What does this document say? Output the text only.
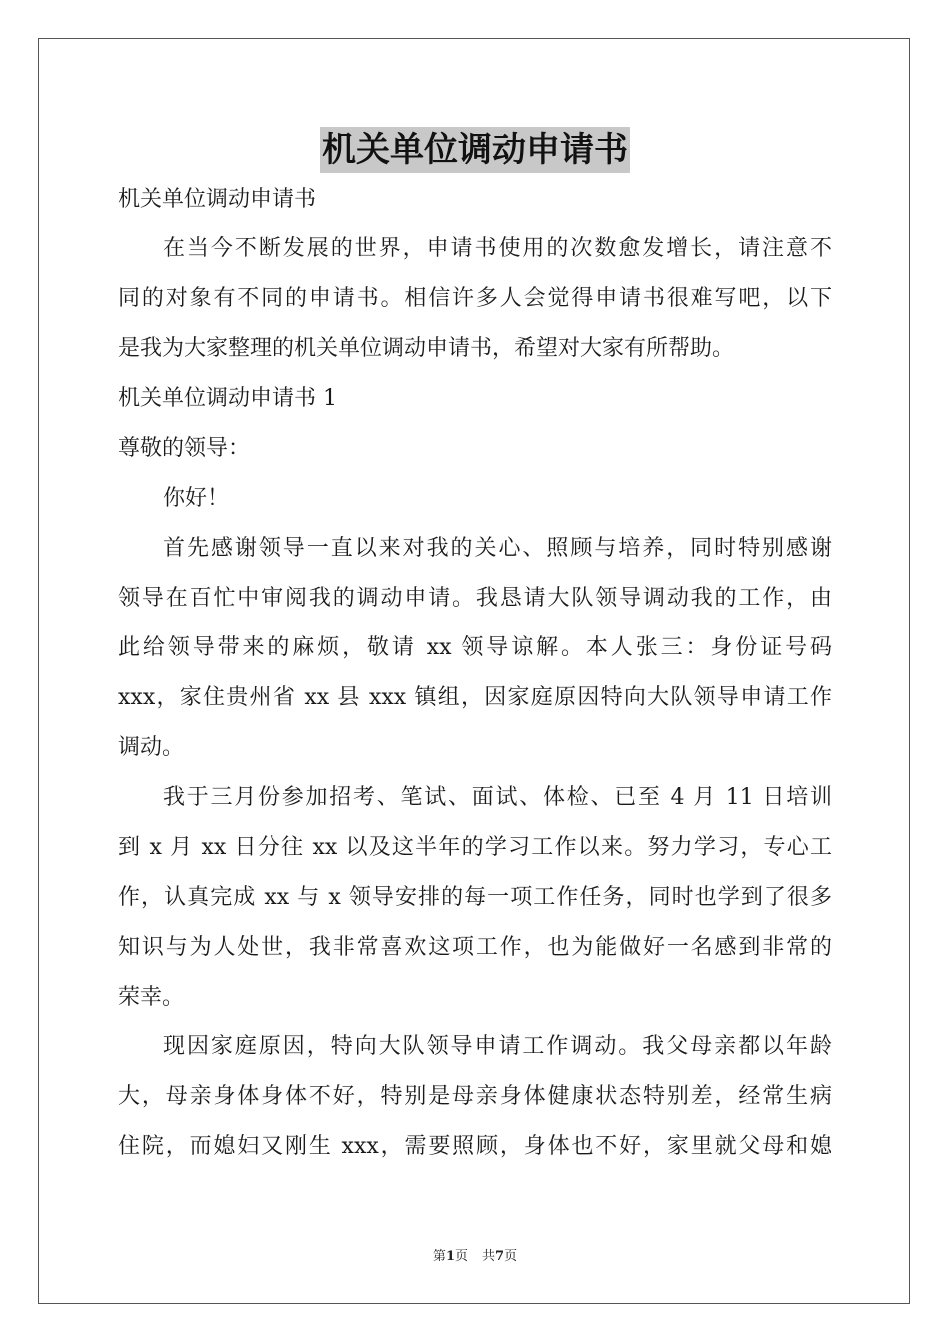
机关单位调动申请书
机关单位调动申请书
在当今不断发展的世界，申请书使用的次数愈发增长，请注意不
同的对象有不同的申请书。相信许多人会觉得申请书很难写吧，以下
是我为大家整理的机关单位调动申请书，希望对大家有所帮助。
机关单位调动申请书 1
尊敬的领导：
你好！
首先感谢领导一直以来对我的关心、照顾与培养，同时特别感谢
领导在百忙中审阅我的调动申请。我恳请大队领导调动我的工作，由
此给领导带来的麻烦，敬请 xx 领导谅解。本人张三：身份证号码
xxx，家住贵州省 xx 县 xxx 镇组，因家庭原因特向大队领导申请工作
调动。
我于三月份参加招考、笔试、面试、体检、已至 4 月 11 日培训
到 x 月 xx 日分往 xx 以及这半年的学习工作以来。努力学习，专心工
作，认真完成 xx 与 x 领导安排的每一项工作任务，同时也学到了很多
知识与为人处世，我非常喜欢这项工作，也为能做好一名感到非常的
荣幸。
现因家庭原因，特向大队领导申请工作调动。我父母亲都以年龄
大，母亲身体身体不好，特别是母亲身体健康状态特别差，经常生病
住院，而媳妇又刚生 xxx，需要照顾，身体也不好，家里就父母和媳
第1页 共7页
